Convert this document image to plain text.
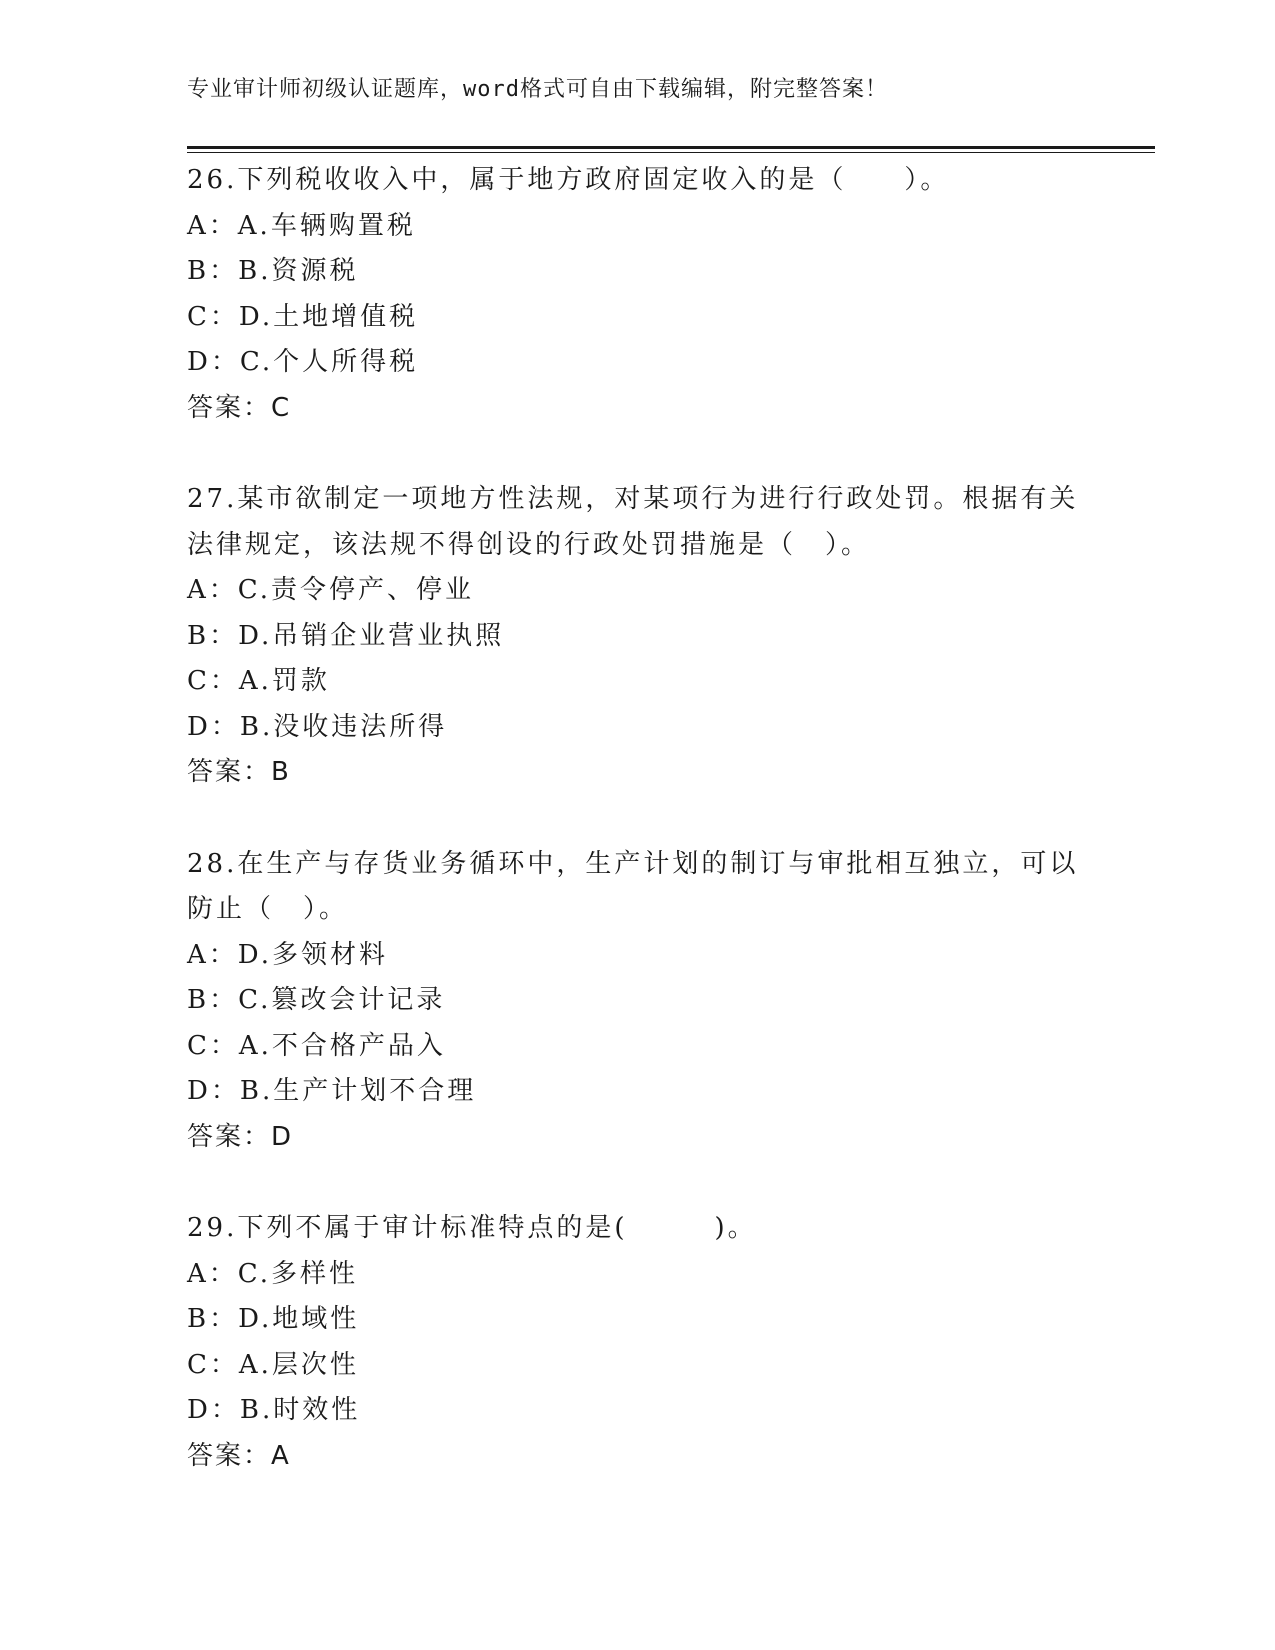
专业审计师初级认证题库，word格式可自由下载编辑，附完整答案！
26.下列税收收入中，属于地方政府固定收入的是（　　）。
A：A.车辆购置税
B：B.资源税
C：D.土地增值税
D：C.个人所得税
答案：C
27.某市欲制定一项地方性法规，对某项行为进行行政处罚。根据有关
法律规定，该法规不得创设的行政处罚措施是（　）。
A：C.责令停产、停业
B：D.吊销企业营业执照
C：A.罚款
D：B.没收违法所得
答案：B
28.在生产与存货业务循环中，生产计划的制订与审批相互独立，可以
防止（　）。
A：D.多领材料
B：C.篡改会计记录
C：A.不合格产品入
D：B.生产计划不合理
答案：D
29.下列不属于审计标准特点的是(　　　)。
A：C.多样性
B：D.地域性
C：A.层次性
D：B.时效性
答案：A
